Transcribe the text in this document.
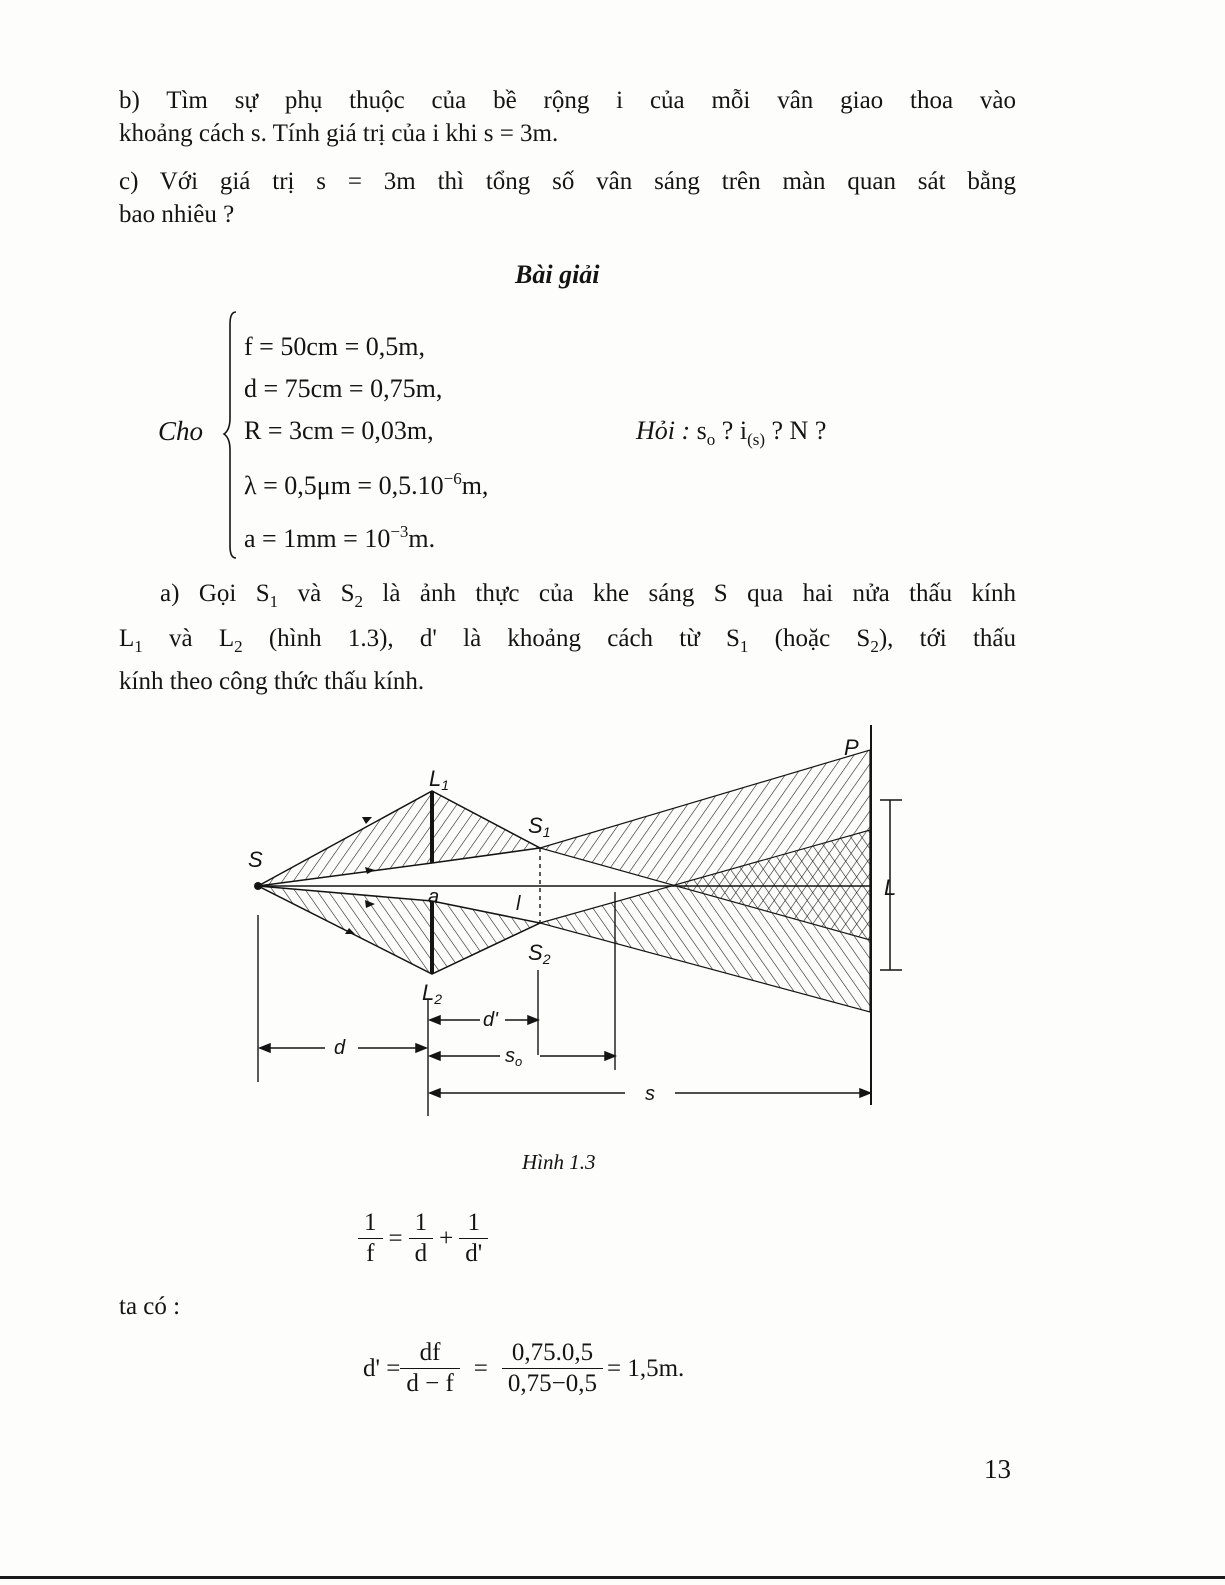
b) Tìm sự phụ thuộc của bề rộng i của mỗi vân giao thoa vào
khoảng cách s. Tính giá trị của i khi s = 3m.
c) Với giá trị s = 3m thì tổng số vân sáng trên màn quan sát bằng
bao nhiêu ?
Bài giải
Cho
f = 50cm = 0,5m,
d = 75cm = 0,75m,
R = 3cm = 0,03m,
$\lambda = 0,5\mu m = 0,5.10^{-6}m$,
$a = 1mm = 10^{-3}m$.
Hỏi : $s_o$ ? $i_{(s)}$ ? N ?
a) Gọi $S_1$ và $S_2$ là ảnh thực của khe sáng S qua hai nửa thấu kính
$L_1$ và $L_2$ (hình 1.3), d' là khoảng cách từ $S_1$ (hoặc $S_2$), tới thấu
kính theo công thức thấu kính.
P
L1
S
S1
a	l
S2
L2
L
d'
d	$s_o$
s
Hình 1.3
$\frac{1}{f} = \frac{1}{d} + \frac{1}{d'}$
ta có :
$d' = \frac{df}{d - f} = \frac{0,75.0,5}{0,75-0,5} = 1,5m$.
13
